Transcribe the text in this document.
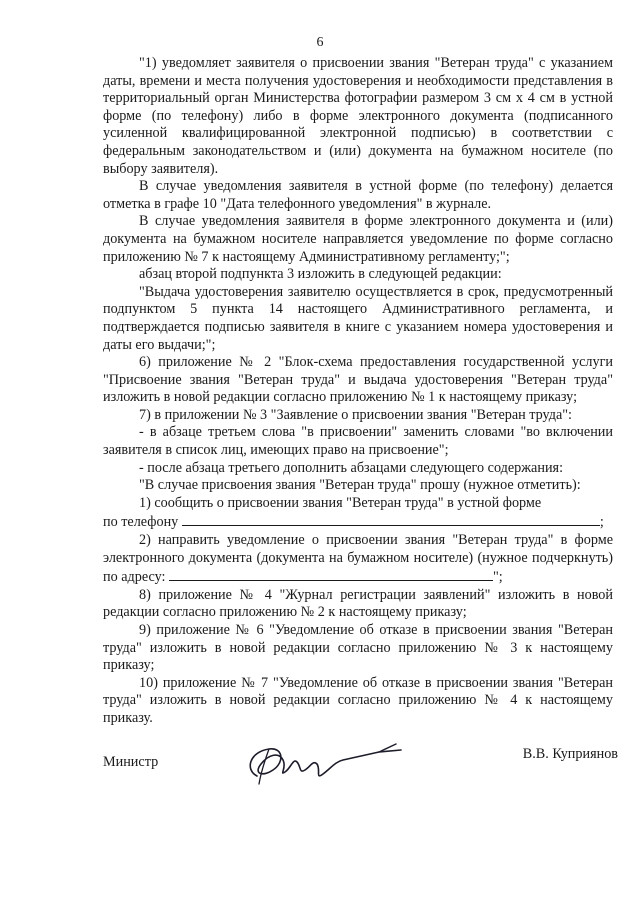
6

"1) уведомляет заявителя о присвоении звания "Ветеран труда" с указанием даты, времени и места получения удостоверения и необходимости представления в территориальный орган Министерства фотографии размером 3 см х 4 см в устной форме (по телефону) либо в форме электронного документа (подписанного усиленной квалифицированной электронной подписью) в соответствии с федеральным законодательством и (или) документа на бумажном носителе (по выбору заявителя).

В случае уведомления заявителя в устной форме (по телефону) делается отметка в графе 10 "Дата телефонного уведомления" в журнале.

В случае уведомления заявителя в форме электронного документа и (или) документа на бумажном носителе направляется уведомление по форме согласно приложению № 7 к настоящему Административному регламенту;";

абзац второй подпункта 3 изложить в следующей редакции:

"Выдача удостоверения заявителю осуществляется в срок, предусмотренный подпунктом 5 пункта 14 настоящего Административного регламента, и подтверждается подписью заявителя в книге с указанием номера удостоверения и даты его выдачи;";

6) приложение № 2 "Блок-схема предоставления государственной услуги "Присвоение звания "Ветеран труда" и выдача удостоверения "Ветеран труда" изложить в новой редакции согласно приложению № 1 к настоящему приказу;

7) в приложении № 3 "Заявление о присвоении звания "Ветеран труда":

- в абзаце третьем слова "в присвоении" заменить словами "во включении заявителя в список лиц, имеющих право на присвоение";

- после абзаца третьего дополнить абзацами следующего содержания:

"В случае присвоения звания "Ветеран труда" прошу (нужное отметить):

1) сообщить о присвоении звания "Ветеран труда" в устной форме

по телефону	;

2) направить уведомление о присвоении звания "Ветеран труда" в форме электронного документа (документа на бумажном носителе) (нужное подчеркнуть) по адресу:	";

8) приложение № 4 "Журнал регистрации заявлений" изложить в новой редакции согласно приложению № 2 к настоящему приказу;

9) приложение № 6 "Уведомление об отказе в присвоении звания "Ветеран труда" изложить в новой редакции согласно приложению № 3 к настоящему приказу;

10) приложение № 7 "Уведомление об отказе в присвоении звания "Ветеран труда" изложить в новой редакции согласно приложению № 4 к настоящему приказу.

Министр	В.В. Куприянов
